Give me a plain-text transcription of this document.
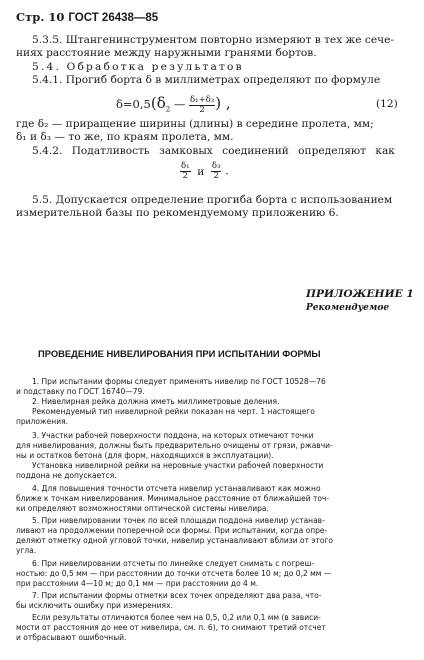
Стр. 10 ГОСТ 26438—85
5.3.5. Штангенинструментом повторно измеряют в тех же сече-
ниях расстояние между наружными гранями бортов.
5.4. Обработка результатов
5.4.1. Прогиб борта δ в миллиметрах определяют по формуле
$\delta=0,5(\delta_2$ — $\frac{\text{δ₁+δ₃}}{2}$ ) ,	(12)
где δ₂ — приращение ширины (длины) в середине пролета, мм;
δ₁ и δ₃ — то же, по краям пролета, мм.
5.4.2. Податливость замковых соединений определяют как
$\frac{\text{δ₁}}{2}$ и $\frac{\text{δ₃}}{2}$ .
5.5. Допускается определение прогиба борта с использованием
измерительной базы по рекомендуемому приложению 6.
ПРИЛОЖЕНИЕ 1
Рекомендуемое
ПРОВЕДЕНИЕ НИВЕЛИРОВАНИЯ ПРИ ИСПЫТАНИИ ФОРМЫ
1. При испытании формы следует применять нивелир по ГОСТ 10528—76
и подставку по ГОСТ 16740—79.
2. Нивелирная рейка должна иметь миллиметровые деления.
Рекомендуемый тип нивелирной рейки показан на черт. 1 настоящего
приложения.
3. Участки рабочей поверхности поддона, на которых отмечают точки
для нивелирования, должны быть предварительно очищены от грязи, ржавчи-
ны и остатков бетона (для форм, находящихся в эксплуатации).
Установка нивелирной рейки на неровные участки рабочей поверхности
поддона не допускается.
4. Для повышения точности отсчета нивелир устанавливают как можно
ближе к точкам нивелирования. Минимальное расстояние от ближайшей точ-
ки определяют возможностями оптической системы нивелира.
5. При нивелировании точек по всей площади поддона нивелир устанав-
ливают на продолжении поперечной оси формы. При испытании, когда опре-
деляют отметку одной угловой точки, нивелир устанавливают вблизи от этого
угла.
6. При нивелировании отсчеты по линейке следует снимать с погреш-
ностью: до 0,5 мм — при расстоянии до точки отсчета более 10 м; до 0,2 мм —
при расстоянии 4—10 м; до 0,1 мм — при расстоянии до 4 м.
7. При испытании формы отметки всех точек определяют два раза, что-
бы исключить ошибку при измерениях.
Если результаты отличаются более чем на 0,5, 0,2 или 0,1 мм (в зависи-
мости от расстояния до нее от нивелира, см. п. 6), то снимают третий отсчет
и отбрасывают ошибочный.
